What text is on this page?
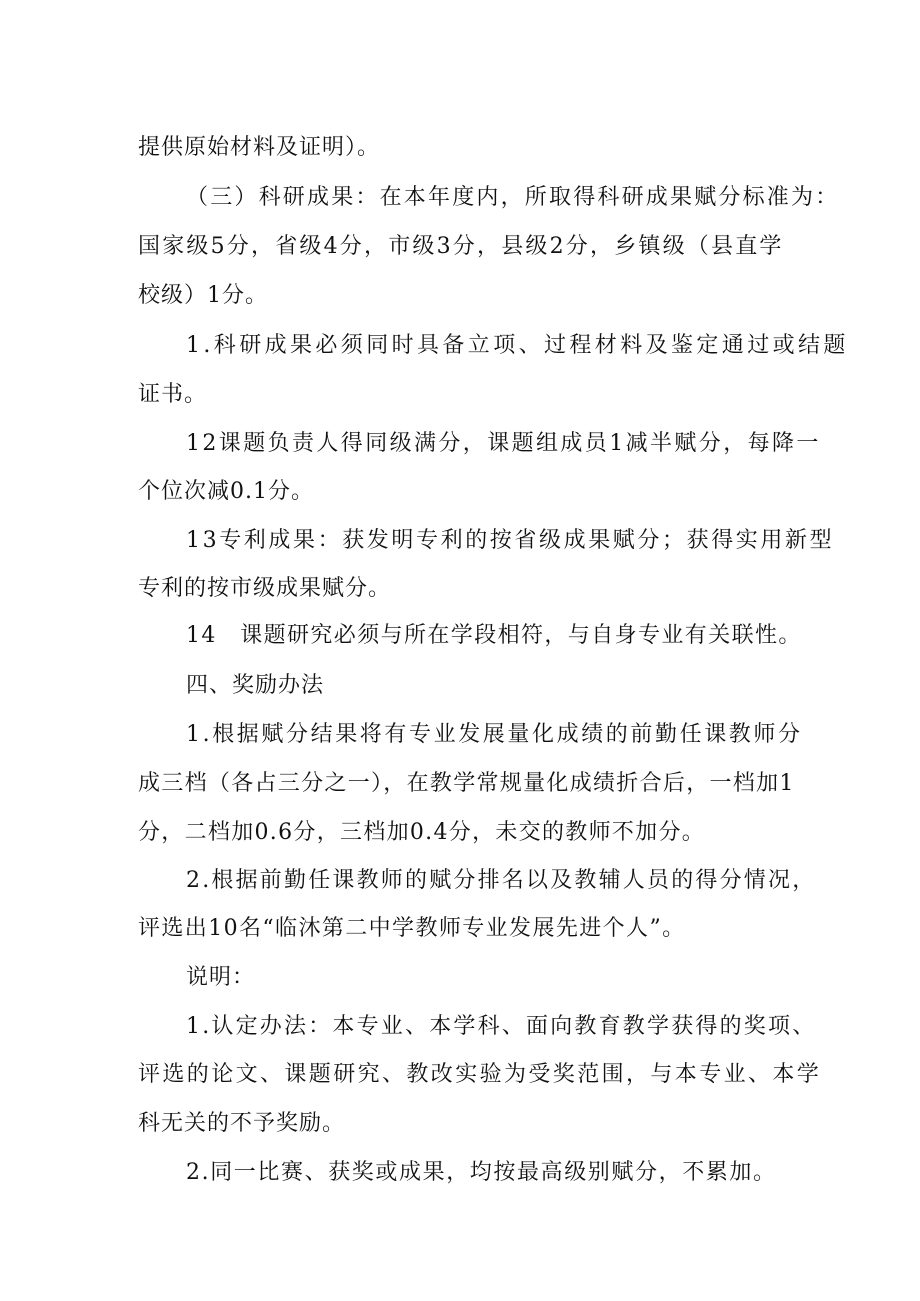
提供原始材料及证明）。

（三）科研成果：在本年度内，所取得科研成果赋分标准为：

国家级5分，省级4分，市级3分，县级2分，乡镇级（县直学

校级）1分。

1.科研成果必须同时具备立项、过程材料及鉴定通过或结题

证书。

12课题负责人得同级满分，课题组成员1减半赋分，每降一

个位次减0.1分。

13专利成果：获发明专利的按省级成果赋分；获得实用新型

专利的按市级成果赋分。

14　课题研究必须与所在学段相符，与自身专业有关联性。

四、奖励办法

1.根据赋分结果将有专业发展量化成绩的前勤任课教师分

成三档（各占三分之一），在教学常规量化成绩折合后，一档加1

分，二档加0.6分，三档加0.4分，未交的教师不加分。

2.根据前勤任课教师的赋分排名以及教辅人员的得分情况，

评选出10名“临沐第二中学教师专业发展先进个人”。

说明：

1.认定办法：本专业、本学科、面向教育教学获得的奖项、

评选的论文、课题研究、教改实验为受奖范围，与本专业、本学

科无关的不予奖励。

2.同一比赛、获奖或成果，均按最高级别赋分，不累加。
